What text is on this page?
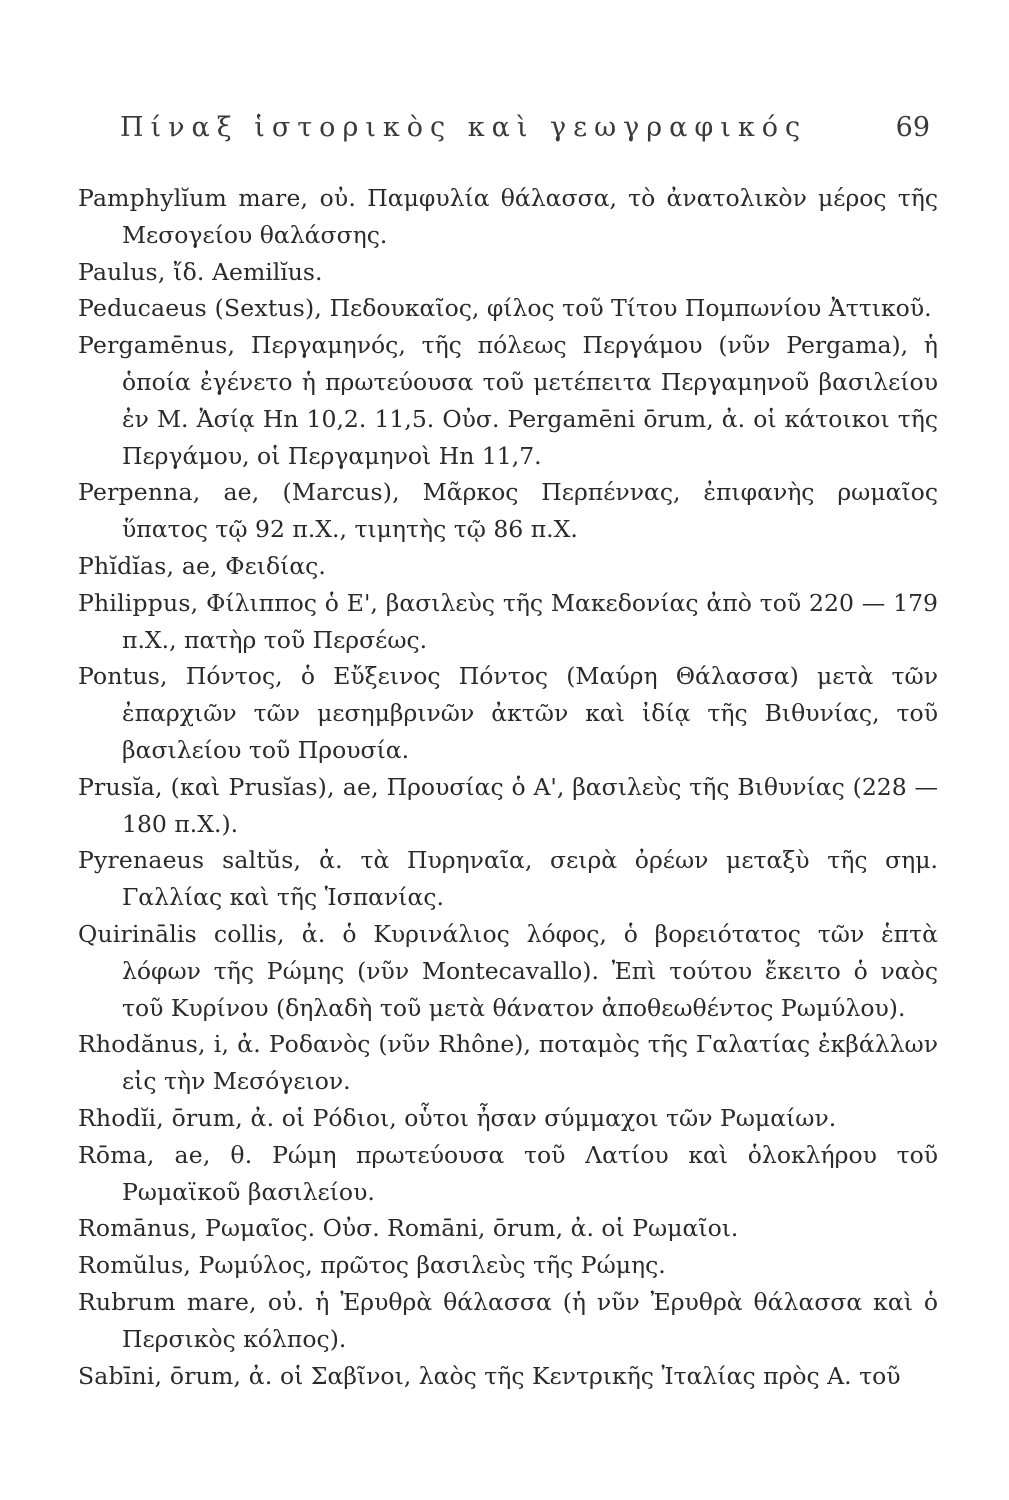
Πίναξ ἱστορικὸς καὶ γεωγραφικός	69

Pamphylĭum mare, οὐ. Παμφυλία θάλασσα, τὸ ἀνατολικὸν μέρος τῆς Μεσογείου θαλάσσης.

Paulus, ἴδ. Aemilĭus.

Peducaeus (Sextus), Πεδουκαῖος, φίλος τοῦ Τίτου Πομπωνίου Ἀττικοῦ.

Pergamēnus, Περγαμηνός, τῆς πόλεως Περγάμου (νῦν Pergama), ἡ ὁποία ἐγένετο ἡ πρωτεύουσα τοῦ μετέπειτα Περγαμηνοῦ βασιλείου ἐν Μ. Ἀσίᾳ Hn 10,2. 11,5. Οὐσ. Pergamēni ōrum, ἀ. οἱ κάτοικοι τῆς Περγάμου, οἱ Περγαμηνοὶ Hn 11,7.

Perpenna, ae, (Marcus), Μᾶρκος Περπέννας, ἐπιφανὴς ρωμαῖος ὕπατος τῷ 92 π.Χ., τιμητὴς τῷ 86 π.Χ.

Phĭdĭas, ae, Φειδίας.

Philippus, Φίλιππος ὁ Ε', βασιλεὺς τῆς Μακεδονίας ἀπὸ τοῦ 220 — 179 π.Χ., πατὴρ τοῦ Περσέως.

Pontus, Πόντος, ὁ Εὔξεινος Πόντος (Μαύρη Θάλασσα) μετὰ τῶν ἐπαρχιῶν τῶν μεσημβρινῶν ἀκτῶν καὶ ἰδίᾳ τῆς Βιθυνίας, τοῦ βασιλείου τοῦ Προυσία.

Prusĭa, (καὶ Prusĭas), ae, Προυσίας ὁ Α', βασιλεὺς τῆς Βιθυνίας (228 — 180 π.Χ.).

Pyrenaeus saltŭs, ἀ. τὰ Πυρηναῖα, σειρὰ ὀρέων μεταξὺ τῆς σημ. Γαλλίας καὶ τῆς Ἱσπανίας.

Quirinālis collis, ἀ. ὁ Κυρινάλιος λόφος, ὁ βορειότατος τῶν ἑπτὰ λόφων τῆς Ρώμης (νῦν Montecavallo). Ἐπὶ τούτου ἔκειτο ὁ ναὸς τοῦ Κυρίνου (δηλαδὴ τοῦ μετὰ θάνατον ἀποθεωθέντος Ρωμύλου).

Rhodănus, i, ἀ. Ροδανὸς (νῦν Rhône), ποταμὸς τῆς Γαλατίας ἐκβάλλων εἰς τὴν Μεσόγειον.

Rhodĭi, ōrum, ἀ. οἱ Ρόδιοι, οὗτοι ἦσαν σύμμαχοι τῶν Ρωμαίων.

Rōma, ae, θ. Ρώμη πρωτεύουσα τοῦ Λατίου καὶ ὁλοκλήρου τοῦ Ρωμαϊκοῦ βασιλείου.

Romānus, Ρωμαῖος. Οὐσ. Romāni, ōrum, ἀ. οἱ Ρωμαῖοι.

Romŭlus, Ρωμύλος, πρῶτος βασιλεὺς τῆς Ρώμης.

Rubrum mare, οὐ. ἡ Ἐρυθρὰ θάλασσα (ἡ νῦν Ἐρυθρὰ θάλασσα καὶ ὁ Περσικὸς κόλπος).

Sabīni, ōrum, ἀ. οἱ Σαβῖνοι, λαὸς τῆς Κεντρικῆς Ἰταλίας πρὸς Α. τοῦ
